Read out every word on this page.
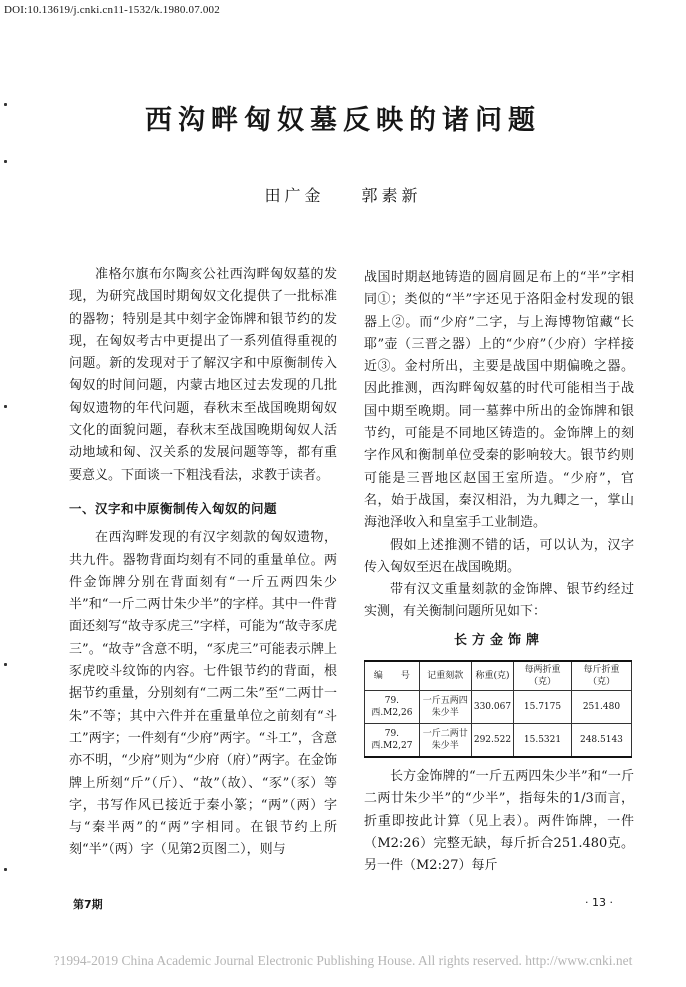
DOI:10.13619/j.cnki.cn11-1532/k.1980.07.002
西沟畔匈奴墓反映的诸问题
田广金 郭素新

准格尔旗布尔陶亥公社西沟畔匈奴墓的发现，为研究战国时期匈奴文化提供了一批标准的器物；特别是其中刻字金饰牌和银节约的发现，在匈奴考古中更提出了一系列值得重视的问题。新的发现对于了解汉字和中原衡制传入匈奴的时间问题，内蒙古地区过去发现的几批匈奴遗物的年代问题，春秋末至战国晚期匈奴文化的面貌问题，春秋末至战国晚期匈奴人活动地域和匈、汉关系的发展问题等等，都有重要意义。下面谈一下粗浅看法，求教于读者。

一、汉字和中原衡制传入匈奴的问题

在西沟畔发现的有汉字刻款的匈奴遗物，共九件。器物背面均刻有不同的重量单位。两件金饰牌分别在背面刻有“一斤五两四朱少半”和“一斤二两廿朱少半”的字样。其中一件背面还刻写“故寺豕虎三”字样，可能为“故寺豕虎三”。“故寺”含意不明，“豕虎三”可能表示牌上豕虎咬斗纹饰的内容。七件银节约的背面，根据节约重量，分别刻有“二两二朱”至“二两廿一朱”不等；其中六件并在重量单位之前刻有“斗工”两字；一件刻有“少府”两字。“斗工”，含意亦不明，“少府”则为“少府（府）”两字。在金饰牌上所刻“斤”（斤）、“故”（故）、“豕”（豕）等字，书写作风已接近于秦小篆；“两”（两）字与“秦半两”的“两”字相同。在银节约上所刻“半”（两）字（见第2页图二），则与

战国时期赵地铸造的圆肩圆足布上的“半”字相同①；类似的“半”字还见于洛阳金村发现的银器上②。而“少府”二字，与上海博物馆藏“长耶”壶（三晋之器）上的“少府”（少府）字样接近③。金村所出，主要是战国中期偏晚之器。因此推测，西沟畔匈奴墓的时代可能相当于战国中期至晚期。同一墓葬中所出的金饰牌和银节约，可能是不同地区铸造的。金饰牌上的刻字作风和衡制单位受秦的影响较大。银节约则可能是三晋地区赵国王室所造。“少府”，官名，始于战国，秦汉相沿，为九卿之一，掌山海池泽收入和皇室手工业制造。

假如上述推测不错的话，可以认为，汉字传入匈奴至迟在战国晚期。

带有汉文重量刻款的金饰牌、银节约经过实测，有关衡制问题所见如下：

长方金饰牌
编　　号	记重刻款	称重(克)	每两折重（克）	每斤折重（克）
79.西.M2,26	一斤五两四朱少半	330.067	15.7175	251.480
79.西.M2,27	一斤二两廿朱少半	292.522	15.5321	248.5143

长方金饰牌的“一斤五两四朱少半”和“一斤二两廿朱少半”的“少半”，指每朱的1/3而言，折重即按此计算（见上表）。两件饰牌，一件（M2:26）完整无缺，每斤折合251.480克。另一件（M2:27）每斤

第7期	· 13 ·
?1994-2019 China Academic Journal Electronic Publishing House. All rights reserved. http://www.cnki.net
